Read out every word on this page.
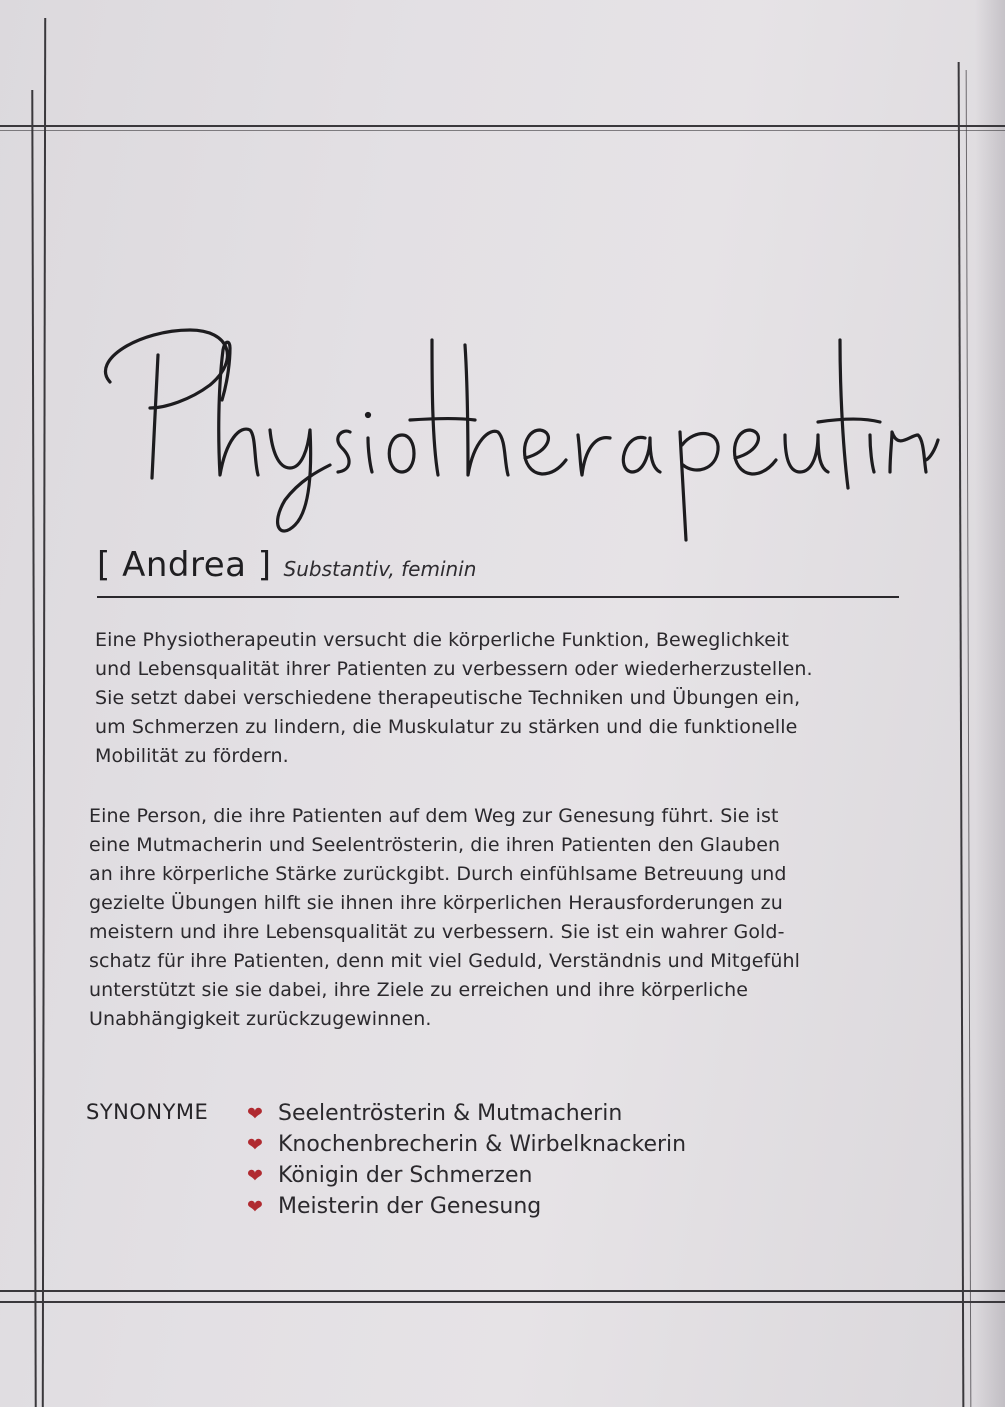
Physiotherapeutin
[ Andrea ] Substantiv, feminin
Eine Physiotherapeutin versucht die körperliche Funktion, Beweglichkeit
und Lebensqualität ihrer Patienten zu verbessern oder wiederherzustellen.
Sie setzt dabei verschiedene therapeutische Techniken und Übungen ein,
um Schmerzen zu lindern, die Muskulatur zu stärken und die funktionelle
Mobilität zu fördern.
Eine Person, die ihre Patienten auf dem Weg zur Genesung führt. Sie ist
eine Mutmacherin und Seelentrösterin, die ihren Patienten den Glauben
an ihre körperliche Stärke zurückgibt. Durch einfühlsame Betreuung und
gezielte Übungen hilft sie ihnen ihre körperlichen Herausforderungen zu
meistern und ihre Lebensqualität zu verbessern. Sie ist ein wahrer Gold-
schatz für ihre Patienten, denn mit viel Geduld, Verständnis und Mitgefühl
unterstützt sie sie dabei, ihre Ziele zu erreichen und ihre körperliche
Unabhängigkeit zurückzugewinnen.
SYNONYME ❤ Seelentrösterin & Mutmacherin
❤ Knochenbrecherin & Wirbelknackerin
❤ Königin der Schmerzen
❤ Meisterin der Genesung
